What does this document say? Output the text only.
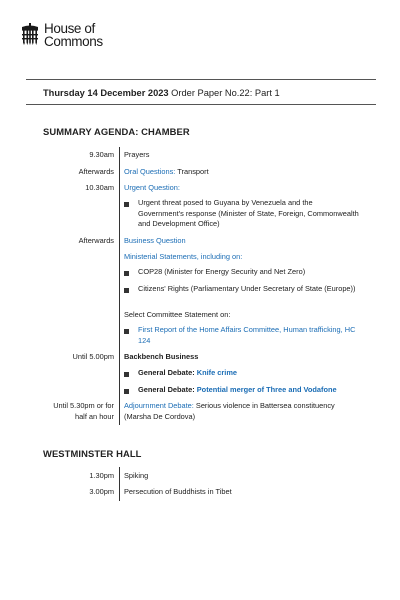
House of
Commons
Thursday 14 December 2023 Order Paper No.22: Part 1
SUMMARY AGENDA: CHAMBER
9.30am Prayers
Afterwards Oral Questions: Transport
10.30am Urgent Question:
Urgent threat posed to Guyana by Venezuela and the Government's response (Minister of State, Foreign, Commonwealth and Development Office)
Afterwards Business Question
Ministerial Statements, including on:
COP28 (Minister for Energy Security and Net Zero)
Citizens' Rights (Parliamentary Under Secretary of State (Europe))
Select Committee Statement on:
First Report of the Home Affairs Committee, Human trafficking, HC 124
Until 5.00pm Backbench Business
General Debate: Knife crime
General Debate: Potential merger of Three and Vodafone
Until 5.30pm or for
half an hour
Adjournment Debate: Serious violence in Battersea constituency (Marsha De Cordova)
WESTMINSTER HALL
1.30pm Spiking
3.00pm Persecution of Buddhists in Tibet
